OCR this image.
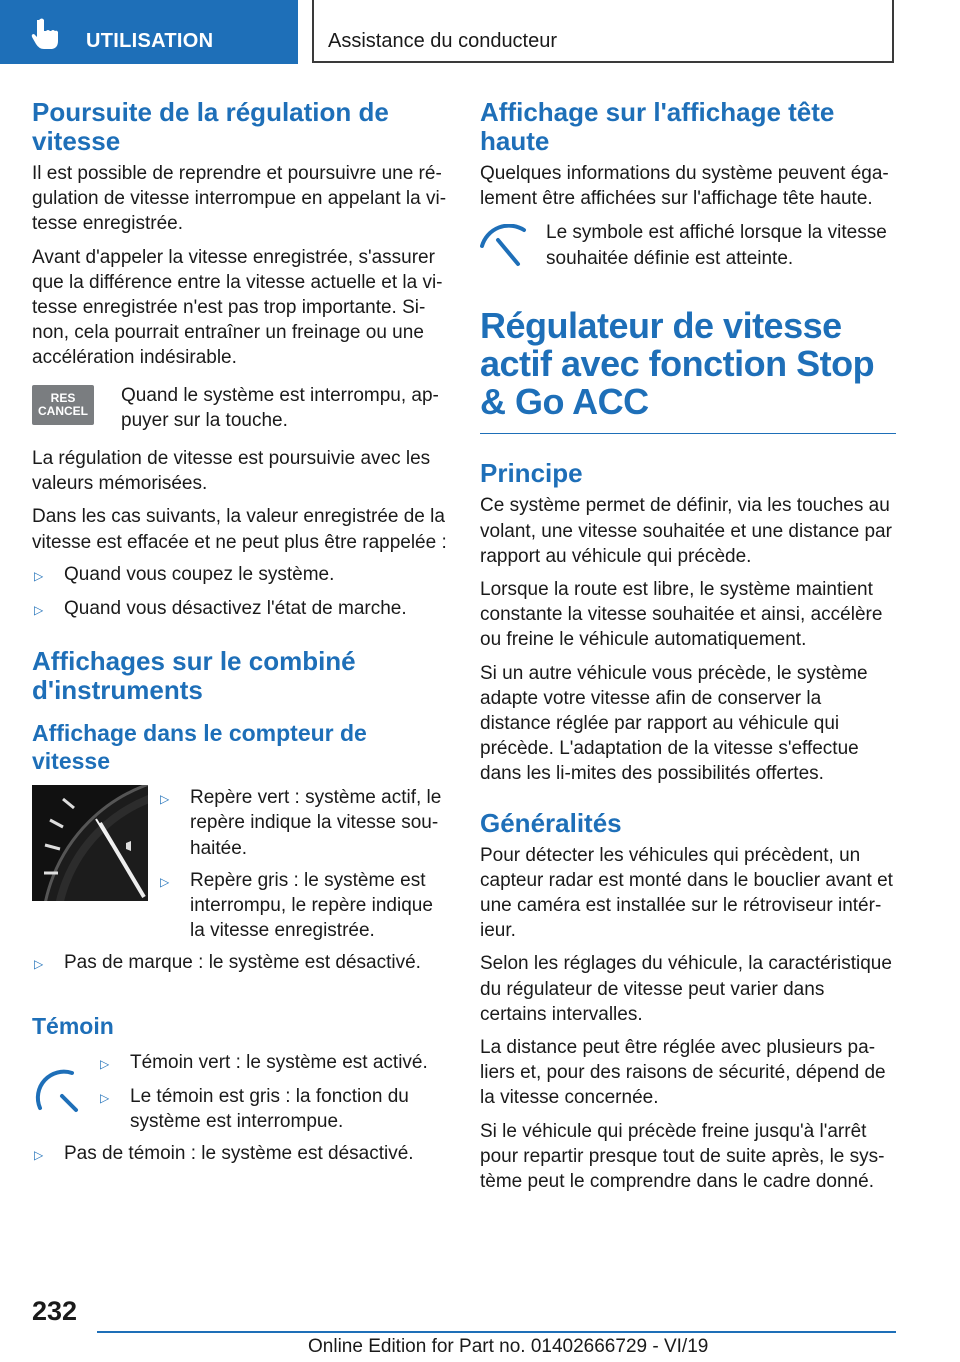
UTILISATION	Assistance du conducteur
Poursuite de la régulation de vitesse

Il est possible de reprendre et poursuivre une ré-gulation de vitesse interrompue en appelant la vi-tesse enregistrée.

Avant d'appeler la vitesse enregistrée, s'assurer que la différence entre la vitesse actuelle et la vi-tesse enregistrée n'est pas trop importante. Si-non, cela pourrait entraîner un freinage ou une accélération indésirable.

RES
CANCEL

Quand le système est interrompu, ap-puyer sur la touche.

La régulation de vitesse est poursuivie avec les valeurs mémorisées.

Dans les cas suivants, la valeur enregistrée de la vitesse est effacée et ne peut plus être rappelée :

▷	Quand vous coupez le système.
▷	Quand vous désactivez l'état de marche.
Affichages sur le combiné d'instruments
Affichage dans le compteur de vitesse
▷	Repère vert : système actif, le repère indique la vitesse sou-haitée.
▷	Repère gris : le système est interrompu, le repère indique la vitesse enregistrée.
▷	Pas de marque : le système est désactivé.
Témoin
▷	Témoin vert : le système est activé.
▷	Le témoin est gris : la fonction du système est interrompue.
▷	Pas de témoin : le système est désactivé.
Affichage sur l'affichage tête haute

Quelques informations du système peuvent éga-lement être affichées sur l'affichage tête haute.

Le symbole est affiché lorsque la vitesse souhaitée définie est atteinte.

Régulateur de vitesse actif avec fonction Stop & Go ACC
Principe

Ce système permet de définir, via les touches au volant, une vitesse souhaitée et une distance par rapport au véhicule qui précède.

Lorsque la route est libre, le système maintient constante la vitesse souhaitée et ainsi, accélère ou freine le véhicule automatiquement.

Si un autre véhicule vous précède, le système adapte votre vitesse afin de conserver la distance réglée par rapport au véhicule qui précède. L'adaptation de la vitesse s'effectue dans les li-mites des possibilités offertes.

Généralités

Pour détecter les véhicules qui précèdent, un capteur radar est monté dans le bouclier avant et une caméra est installée sur le rétroviseur intér-ieur.

Selon les réglages du véhicule, la caractéristique du régulateur de vitesse peut varier dans certains intervalles.

La distance peut être réglée avec plusieurs pa-liers et, pour des raisons de sécurité, dépend de la vitesse concernée.

Si le véhicule qui précède freine jusqu'à l'arrêt pour repartir presque tout de suite après, le sys-tème peut le comprendre dans le cadre donné.

232
Online Edition for Part no. 01402666729 - VI/19
